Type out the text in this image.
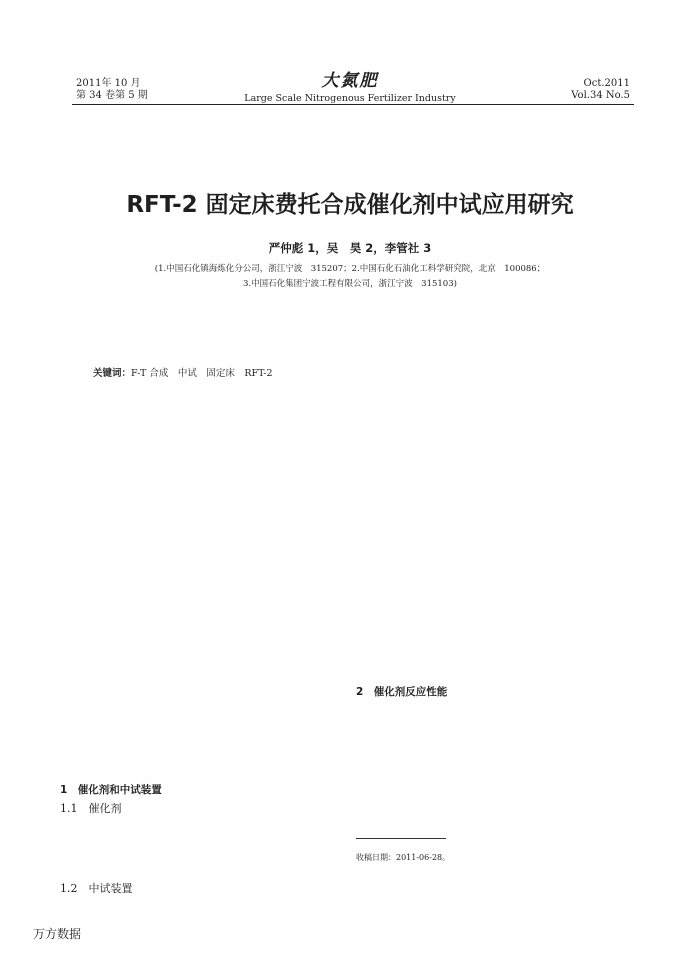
2011年 10 月
第 34 卷第 5 期
大氮肥
Large Scale Nitrogenous Fertilizer Industry
Oct.2011
Vol.34 No.5
RFT-2 固定床费托合成催化剂中试应用研究
严仲彪 1，吴　昊 2，李管社 3
(1.中国石化镇海炼化分公司，浙江宁波　315207；2.中国石化石油化工科学研究院，北京　100086；
3.中国石化集团宁波工程有限公司，浙江宁波　315103)
关键词：F-T 合成　中试　固定床　RFT-2
1　催化剂和中试装置
1.1　催化剂
1.2　中试装置
2　催化剂反应性能
收稿日期：2011-06-28。
万方数据
